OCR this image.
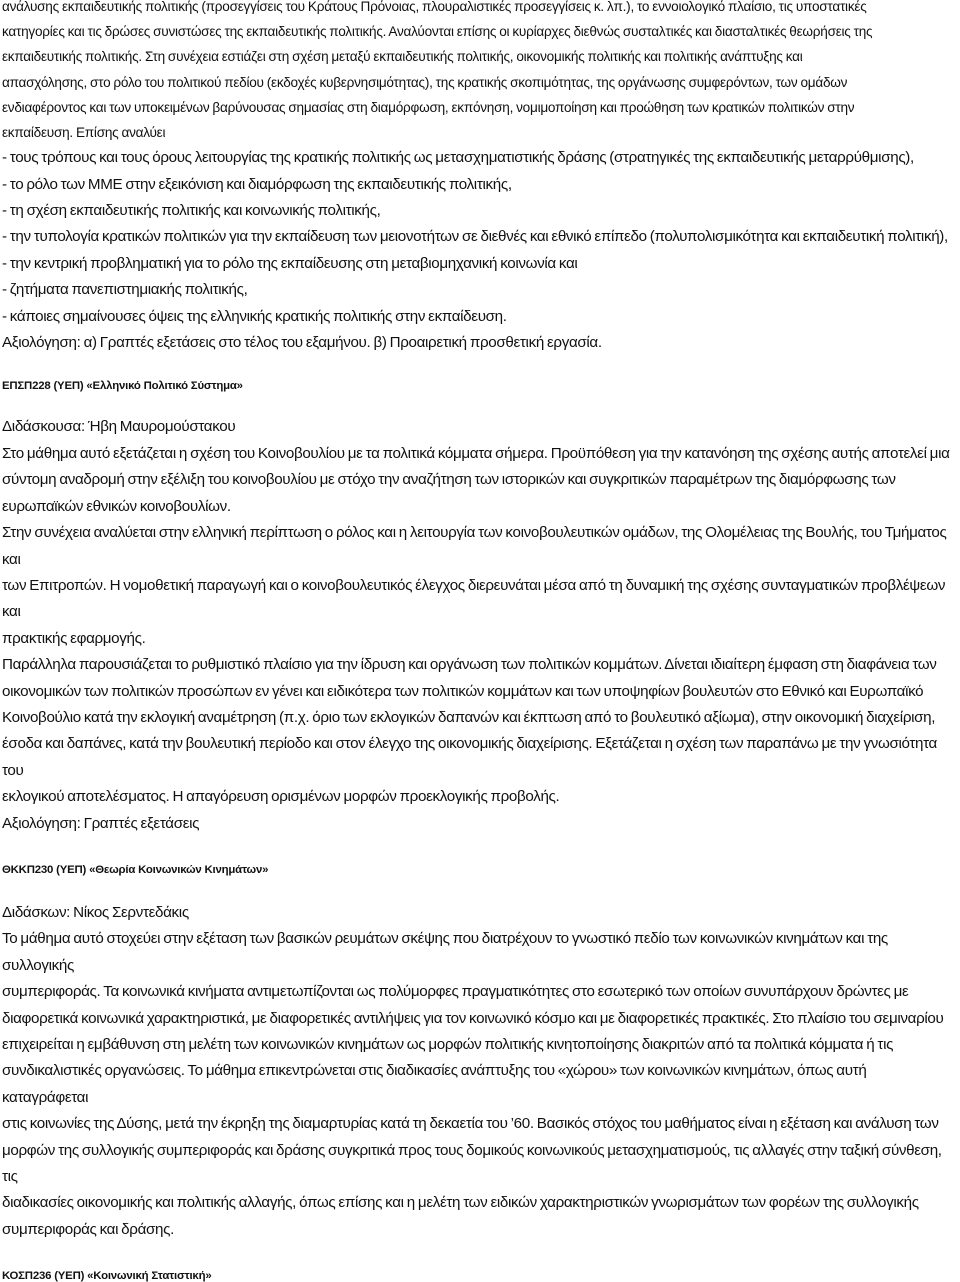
ανάλυσης εκπαιδευτικής πολιτικής (προσεγγίσεις του Κράτους Πρόνοιας, πλουραλιστικές προσεγγίσεις κ. λπ.), το εννοιολογικό πλαίσιο, τις υποστατικές

κατηγορίες και τις δρώσες συνιστώσες της εκπαιδευτικής πολιτικής. Αναλύονται επίσης οι κυρίαρχες διεθνώς συσταλτικές και διασταλτικές θεωρήσεις της

εκπαιδευτικής πολιτικής. Στη συνέχεια εστιάζει στη σχέση μεταξύ εκπαιδευτικής πολιτικής, οικονομικής πολιτικής και πολιτικής ανάπτυξης και

απασχόλησης, στο ρόλο του πολιτικού πεδίου (εκδοχές κυβερνησιμότητας), της κρατικής σκοπιμότητας, της οργάνωσης συμφερόντων, των ομάδων

ενδιαφέροντος και των υποκειμένων βαρύνουσας σημασίας στη διαμόρφωση, εκπόνηση, νομιμοποίηση και προώθηση των κρατικών πολιτικών στην

εκπαίδευση. Επίσης αναλύει

- τους τρόπους και τους όρους λειτουργίας της κρατικής πολιτικής ως μετασχηματιστικής δράσης (στρατηγικές της εκπαιδευτικής μεταρρύθμισης),

- το ρόλο των ΜΜΕ στην εξεικόνιση και διαμόρφωση της εκπαιδευτικής πολιτικής,

- τη σχέση εκπαιδευτικής πολιτικής και κοινωνικής πολιτικής,

- την τυπολογία κρατικών πολιτικών για την εκπαίδευση των μειονοτήτων σε διεθνές και εθνικό επίπεδο (πολυπολισμικότητα και εκπαιδευτική πολιτική),

- την κεντρική προβληματική για το ρόλο της εκπαίδευσης στη μεταβιομηχανική κοινωνία και

- ζητήματα πανεπιστημιακής πολιτικής,

- κάποιες σημαίνουσες όψεις της ελληνικής κρατικής πολιτικής στην εκπαίδευση.

Αξιολόγηση: α) Γραπτές εξετάσεις στο τέλος του εξαμήνου. β) Προαιρετική προσθετική εργασία.

ΕΠΣΠ228 (ΥΕΠ) «Ελληνικό Πολιτικό Σύστημα»

Διδάσκουσα: Ήβη Μαυρομούστακου

Στο μάθημα αυτό εξετάζεται η σχέση του Κοινοβουλίου με τα πολιτικά κόμματα σήμερα. Προϋπόθεση για την κατανόηση της σχέσης αυτής αποτελεί μια

σύντομη αναδρομή στην εξέλιξη του κοινοβουλίου με στόχο την αναζήτηση των ιστορικών και συγκριτικών παραμέτρων της διαμόρφωσης των

ευρωπαϊκών εθνικών κοινοβουλίων.

Στην συνέχεια αναλύεται στην ελληνική περίπτωση ο ρόλος και η λειτουργία των κοινοβουλευτικών ομάδων, της Ολομέλειας της Βουλής, του Τμήματος και

των Επιτροπών. Η νομοθετική παραγωγή και ο κοινοβουλευτικός έλεγχος διερευνάται μέσα από τη δυναμική της σχέσης συνταγματικών προβλέψεων και

πρακτικής εφαρμογής.

Παράλληλα παρουσιάζεται το ρυθμιστικό πλαίσιο για την ίδρυση και οργάνωση των πολιτικών κομμάτων. Δίνεται ιδιαίτερη έμφαση στη διαφάνεια των

οικονομικών των πολιτικών προσώπων εν γένει και ειδικότερα των πολιτικών κομμάτων και των υποψηφίων βουλευτών στο Εθνικό και Ευρωπαϊκό

Κοινοβούλιο κατά την εκλογική αναμέτρηση (π.χ. όριο των εκλογικών δαπανών και έκπτωση από το βουλευτικό αξίωμα), στην οικονομική διαχείριση,

έσοδα και δαπάνες, κατά την βουλευτική περίοδο και στον έλεγχο της οικονομικής διαχείρισης. Εξετάζεται η σχέση των παραπάνω με την γνωσιότητα του

εκλογικού αποτελέσματος. Η απαγόρευση ορισμένων μορφών προεκλογικής προβολής.

Αξιολόγηση: Γραπτές εξετάσεις

ΘΚΚΠ230 (ΥΕΠ) «Θεωρία Κοινωνικών Κινημάτων»

Διδάσκων: Νίκος Σερντεδάκις

Το μάθημα αυτό στοχεύει στην εξέταση των βασικών ρευμάτων σκέψης που διατρέχουν το γνωστικό πεδίο των κοινωνικών κινημάτων και της συλλογικής

συμπεριφοράς. Τα κοινωνικά κινήματα αντιμετωπίζονται ως πολύμορφες πραγματικότητες στο εσωτερικό των οποίων συνυπάρχουν δρώντες με

διαφορετικά κοινωνικά χαρακτηριστικά, με διαφορετικές αντιλήψεις για τον κοινωνικό κόσμο και με διαφορετικές πρακτικές. Στο πλαίσιο του σεμιναρίου

επιχειρείται η εμβάθυνση στη μελέτη των κοινωνικών κινημάτων ως μορφών πολιτικής κινητοποίησης διακριτών από τα πολιτικά κόμματα ή τις

συνδικαλιστικές οργανώσεις. Το μάθημα επικεντρώνεται στις διαδικασίες ανάπτυξης του «χώρου» των κοινωνικών κινημάτων, όπως αυτή καταγράφεται

στις κοινωνίες της Δύσης, μετά την έκρηξη της διαμαρτυρίας κατά τη δεκαετία του ’60. Βασικός στόχος του μαθήματος είναι η εξέταση και ανάλυση των

μορφών της συλλογικής συμπεριφοράς και δράσης συγκριτικά προς τους δομικούς κοινωνικούς μετασχηματισμούς, τις αλλαγές στην ταξική σύνθεση, τις

διαδικασίες οικονομικής και πολιτικής αλλαγής, όπως επίσης και η μελέτη των ειδικών χαρακτηριστικών γνωρισμάτων των φορέων της συλλογικής

συμπεριφοράς και δράσης.

ΚΟΣΠ236 (ΥΕΠ) «Κοινωνική Στατιστική»
